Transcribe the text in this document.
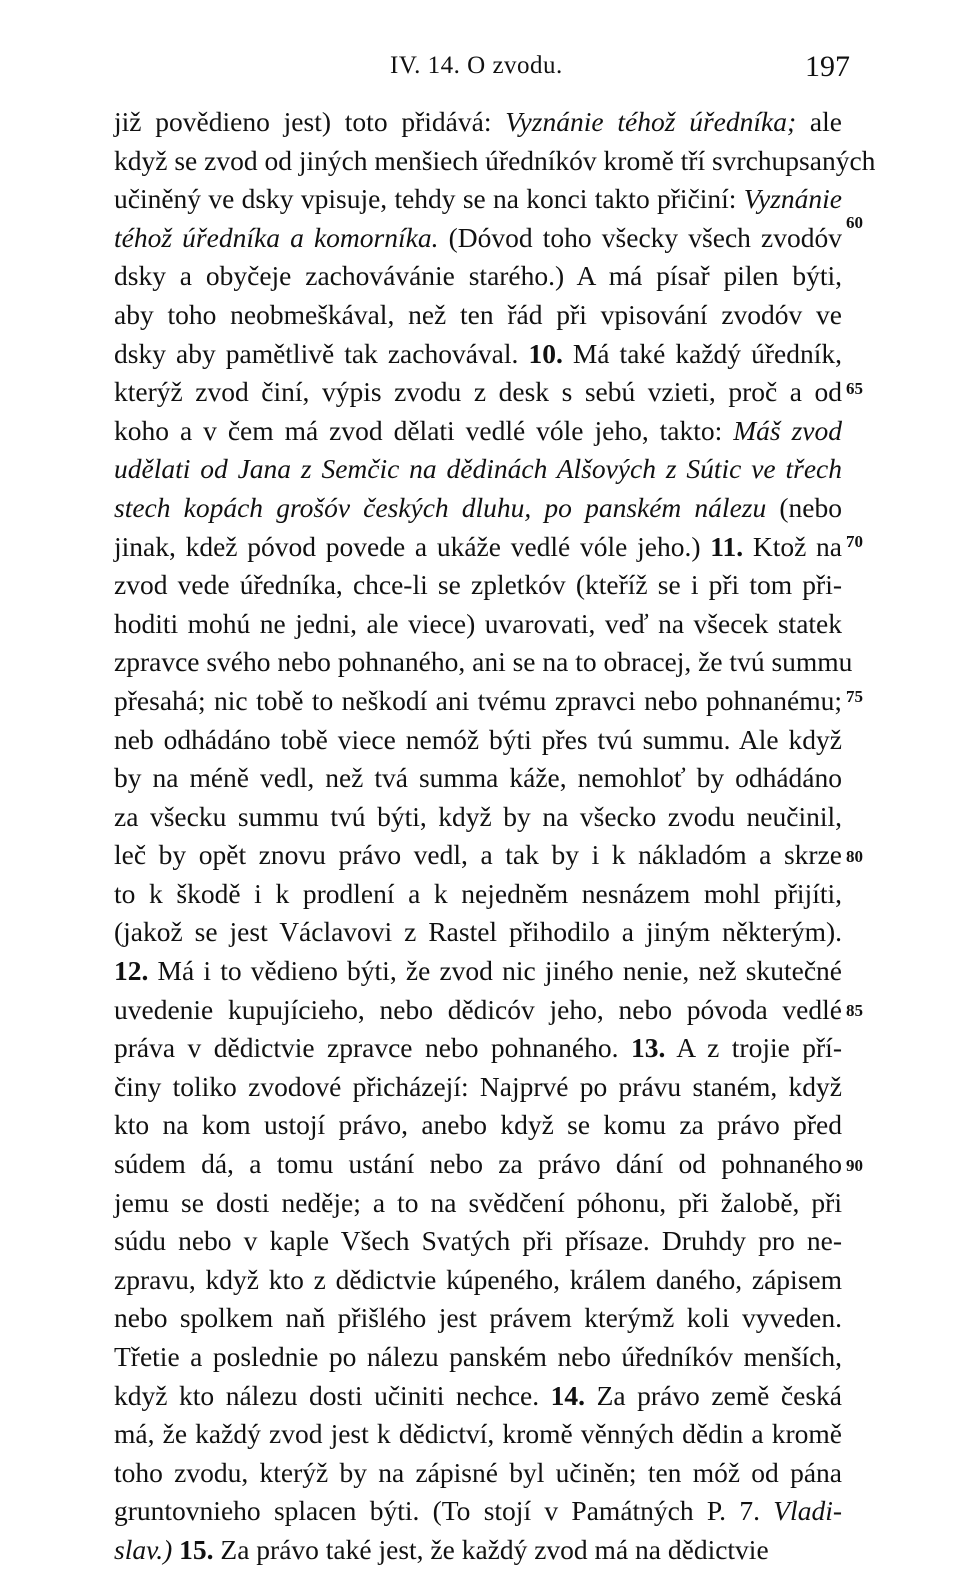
IV. 14. O zvodu.	197
již povědieno jest) toto přidává: Vyznánie téhož úředníka; ale
když se zvod od jiných menšiech úředníkóv kromě tří svrchupsaných
učiněný ve dsky vpisuje, tehdy se na konci takto přičiní: Vyznánie
téhož úředníka a komorníka. (Dóvod toho všecky všech zvodóv
dsky a obyčeje zachovávánie starého.) A má písař pilen býti,
aby toho neobmeškával, než ten řád při vpisování zvodóv ve
dsky aby pamětlivě tak zachovával. 10. Má také každý úředník,
kterýž zvod činí, výpis zvodu z desk s sebú vzieti, proč a od
koho a v čem má zvod dělati vedlé vóle jeho, takto: Máš zvod
udělati od Jana z Semčic na dědinách Alšových z Sútic ve třech
stech kopách grošóv českých dluhu, po panském nálezu (nebo
jinak, kdež póvod povede a ukáže vedlé vóle jeho.) 11. Ktož na
zvod vede úředníka, chce-li se zpletkóv (kteříž se i při tom při-
hoditi mohú ne jedni, ale viece) uvarovati, veď na všecek statek
zpravce svého nebo pohnaného, ani se na to obracej, že tvú summu
přesahá; nic tobě to neškodí ani tvému zpravci nebo pohnanému;
neb odhádáno tobě viece nemóž býti přes tvú summu. Ale když
by na méně vedl, než tvá summa káže, nemohloť by odhádáno
za všecku summu tvú býti, když by na všecko zvodu neučinil,
leč by opět znovu právo vedl, a tak by i k nákladóm a skrze
to k škodě i k prodlení a k nejedněm nesnázem mohl přijíti,
(jakož se jest Václavovi z Rastel přihodilo a jiným některým).
12. Má i to vědieno býti, že zvod nic jiného nenie, než skutečné
uvedenie kupujícieho, nebo dědicóv jeho, nebo póvoda vedlé
práva v dědictvie zpravce nebo pohnaného. 13. A z trojie pří-
činy toliko zvodové přicházejí: Najprvé po právu staném, když
kto na kom ustojí právo, anebo když se komu za právo před
súdem dá, a tomu ustání nebo za právo dání od pohnaného
jemu se dosti neděje; a to na svědčení póhonu, při žalobě, při
súdu nebo v kaple Všech Svatých při přísaze. Druhdy pro ne-
zpravu, když kto z dědictvie kúpeného, králem daného, zápisem
nebo spolkem naň přišlého jest právem kterýmž koli vyveden.
Třetie a poslednie po nálezu panském nebo úředníkóv menších,
když kto nálezu dosti učiniti nechce. 14. Za právo země česká
má, že každý zvod jest k dědictví, kromě věnných dědin a kromě
toho zvodu, kterýž by na zápisné byl učiněn; ten móž od pána
gruntovnieho splacen býti. (To stojí v Památných P. 7. Vladi-
slav.) 15. Za právo také jest, že každý zvod má na dědictvie
60
65
70
75
80
85
90
